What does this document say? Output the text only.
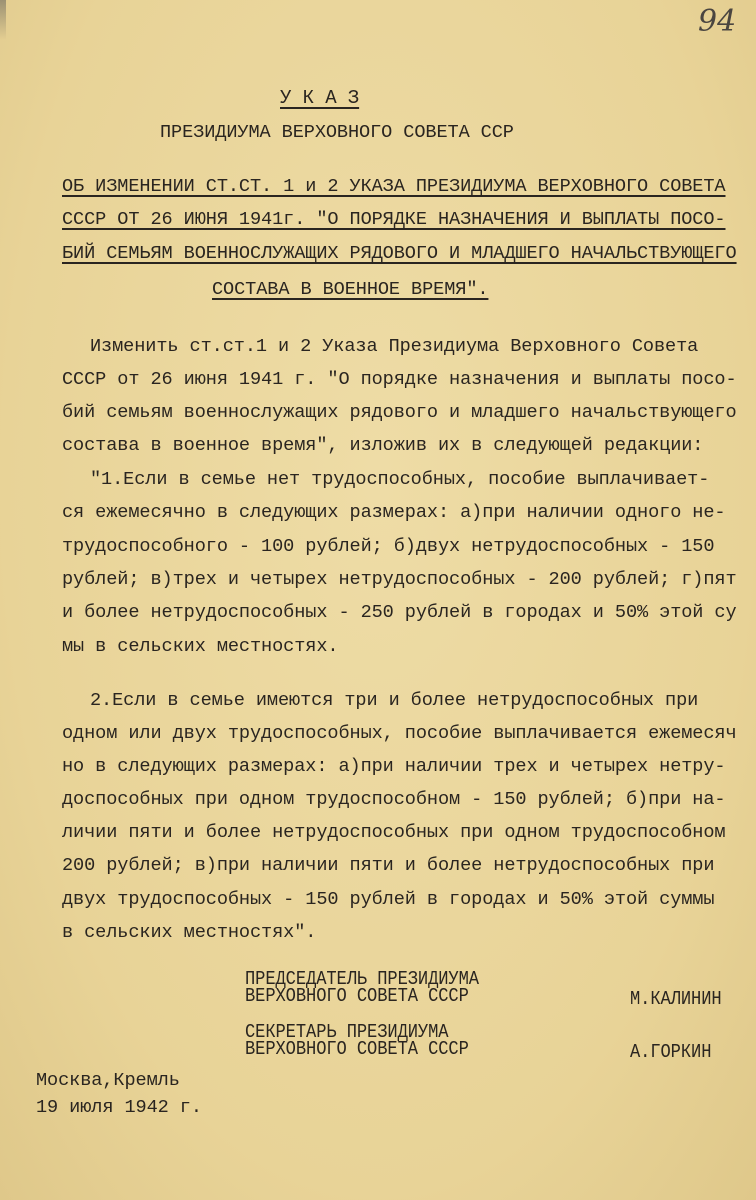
94
У К А З
ПРЕЗИДИУМА ВЕРХОВНОГО СОВЕТА ССР
ОБ ИЗМЕНЕНИИ СТ.СТ. 1 и 2 УКАЗА ПРЕЗИДИУМА ВЕРХОВНОГО СОВЕТА
СССР ОТ 26 ИЮНЯ 1941г. "О ПОРЯДКЕ НАЗНАЧЕНИЯ И ВЫПЛАТЫ ПОСО-
БИЙ СЕМЬЯМ ВОЕННОСЛУЖАЩИХ РЯДОВОГО И МЛАДШЕГО НАЧАЛЬСТВУЮЩЕГО
СОСТАВА В ВОЕННОЕ ВРЕМЯ".
Изменить ст.ст.1 и 2 Указа Президиума Верховного Совета
СССР от 26 июня 1941 г. "О порядке назначения и выплаты посо-
бий семьям военнослужащих рядового и младшего начальствующего
состава в военное время", изложив их в следующей редакции:
"1.Если в семье нет трудоспособных, пособие выплачивает-
ся ежемесячно в следующих размерах: а)при наличии одного не-
трудоспособного - 100 рублей; б)двух нетрудоспособных - 150
рублей; в)трех и четырех нетрудоспособных - 200 рублей; г)пят
и более нетрудоспособных - 250 рублей в городах и 50% этой су
мы в сельских местностях.
2.Если в семье имеются три и более нетрудоспособных при
одном или двух трудоспособных, пособие выплачивается ежемесяч
но в следующих размерах: а)при наличии трех и четырех нетру-
доспособных при одном трудоспособном - 150 рублей; б)при на-
личии пяти и более нетрудоспособных при одном трудоспособном
200 рублей; в)при наличии пяти и более нетрудоспособных при
двух трудоспособных - 150 рублей в городах и 50% этой суммы
в сельских местностях".
ПРЕДСЕДАТЕЛЬ ПРЕЗИДИУМА
ВЕРХОВНОГО СОВЕТА СССР	М.КАЛИНИН
СЕКРЕТАРЬ ПРЕЗИДИУМА
ВЕРХОВНОГО СОВЕТА СССР	А.ГОРКИН
Москва,Кремль
19 июля 1942 г.
